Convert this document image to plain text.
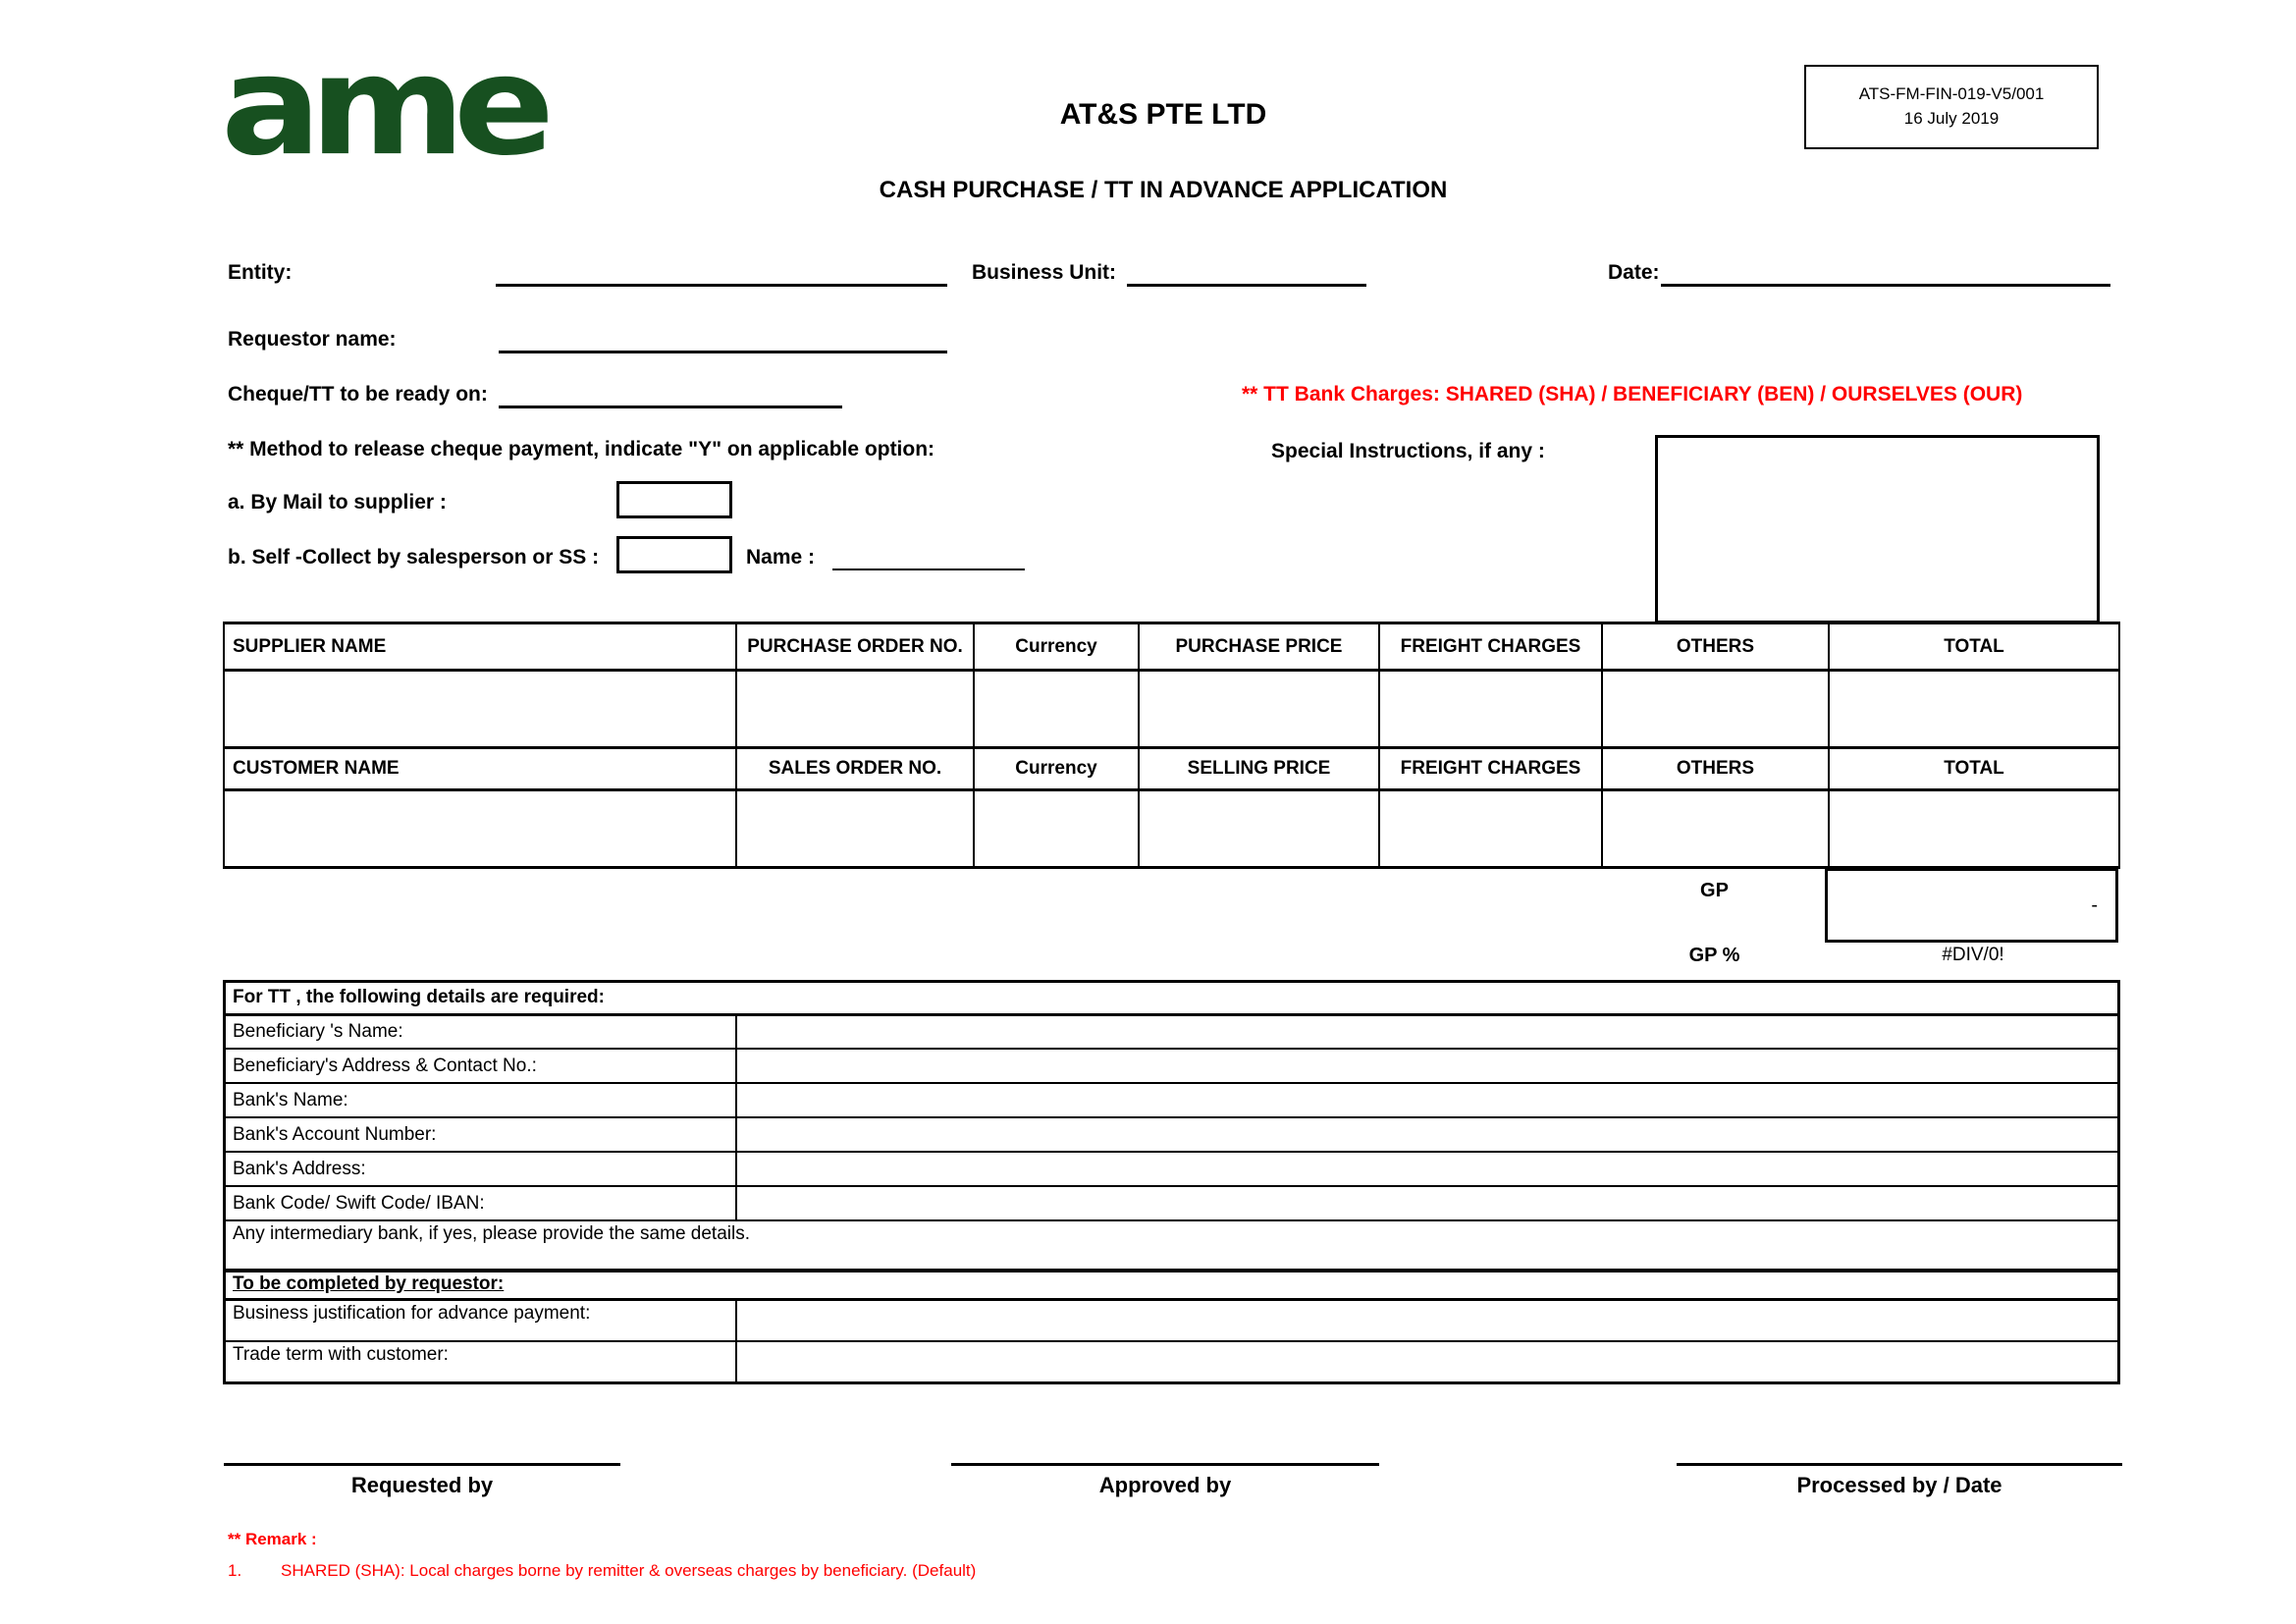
ame	AT&S PTE LTD
CASH PURCHASE / TT IN ADVANCE APPLICATION
ATS-FM-FIN-019-V5/001
16 July 2019
Entity:	Business Unit:	Date:
Requestor name:
Cheque/TT to be ready on:	** TT Bank Charges: SHARED (SHA) / BENEFICIARY (BEN) / OURSELVES (OUR)
** Method to release cheque payment, indicate "Y" on applicable option:	Special Instructions, if any :
a. By Mail to supplier :
b. Self -Collect by salesperson or SS :	Name :
SUPPLIER NAME	PURCHASE ORDER NO.	Currency	PURCHASE PRICE	FREIGHT CHARGES	OTHERS	TOTAL

CUSTOMER NAME	SALES ORDER NO.	Currency	SELLING PRICE	FREIGHT CHARGES	OTHERS	TOTAL

GP
-
GP %	#DIV/0!
For TT , the following details are required:	
Beneficiary 's Name:	
Beneficiary's Address & Contact No.:	
Bank's Name:	
Bank's Account Number:	
Bank's Address:	
Bank Code/ Swift Code/ IBAN:	
Any intermediary bank, if yes, please provide the same details.	
To be completed by requestor:	
Business justification for advance payment:	
Trade term with customer:	
Requested by	Approved by	Processed by / Date
** Remark :
1. SHARED (SHA): Local charges borne by remitter & overseas charges by beneficiary. (Default)
